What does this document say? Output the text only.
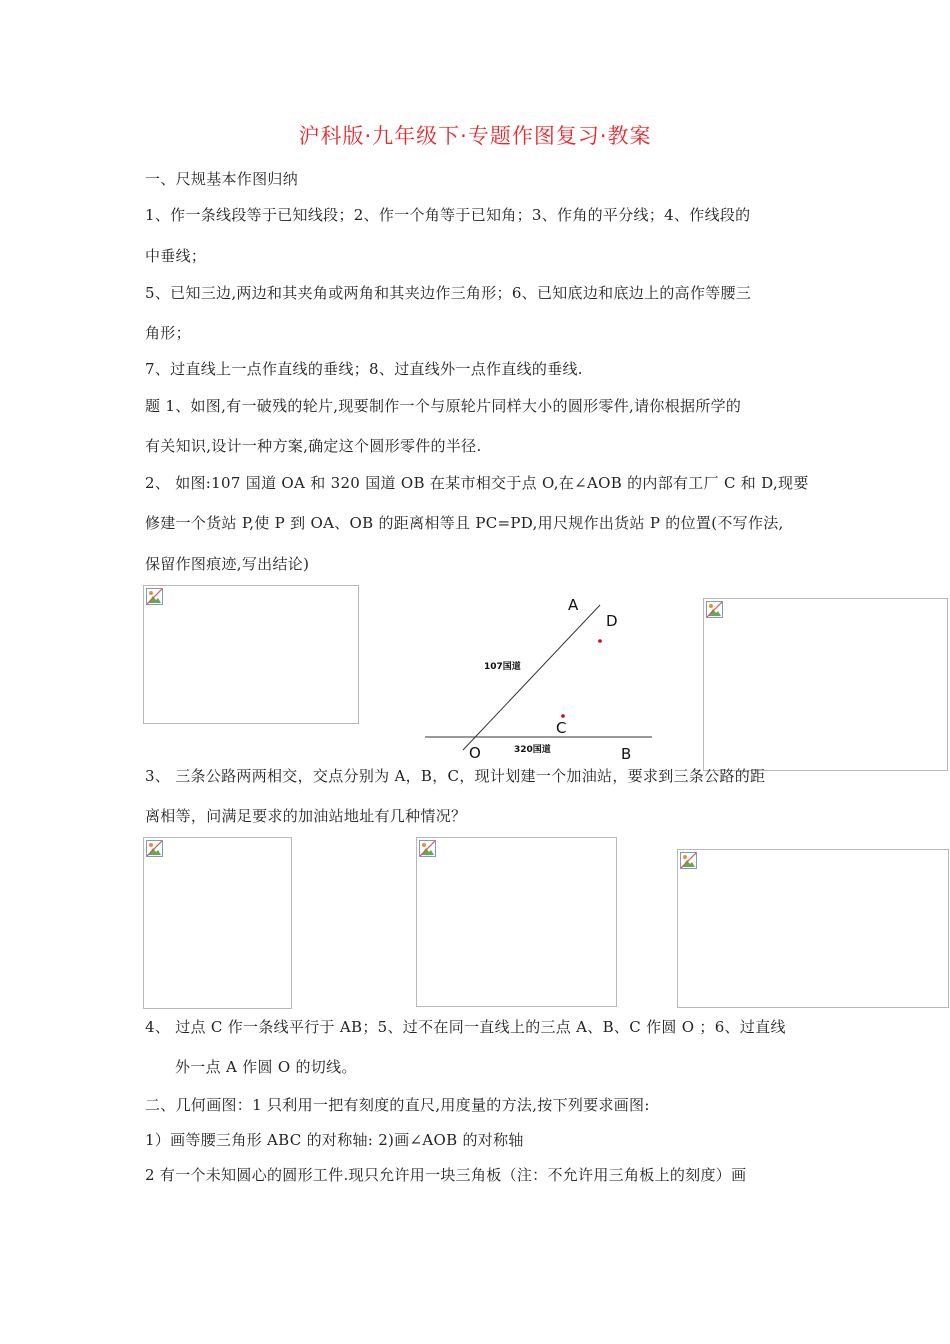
沪科版·九年级下·专题作图复习·教案
一、尺规基本作图归纳
1、作一条线段等于已知线段；2、作一个角等于已知角；3、作角的平分线；4、作线段的
中垂线；
5、已知三边,两边和其夹角或两角和其夹边作三角形；6、已知底边和底边上的高作等腰三
角形；
7、过直线上一点作直线的垂线；8、过直线外一点作直线的垂线.
题 1、如图,有一破残的轮片,现要制作一个与原轮片同样大小的圆形零件,请你根据所学的
有关知识,设计一种方案,确定这个圆形零件的半径.
2、 如图:107 国道 OA 和 320 国道 OB 在某市相交于点 O,在∠AOB 的内部有工厂 C 和 D,现要
修建一个货站 P,使 P 到 OA、OB 的距离相等且 PC=PD,用尺规作出货站 P 的位置(不写作法,
保留作图痕迹,写出结论)
A
D
C
O	B
107国道
320国道
3、 三条公路两两相交，交点分别为 A，B，C，现计划建一个加油站，要求到三条公路的距
离相等，问满足要求的加油站地址有几种情况？
4、 过点 C 作一条线平行于 AB；5、过不在同一直线上的三点 A、B、C 作圆 O ；6、过直线
外一点 A 作圆 O 的切线。
二、几何画图：1 只利用一把有刻度的直尺,用度量的方法,按下列要求画图:
1）画等腰三角形 ABC 的对称轴: 2)画∠AOB 的对称轴
2 有一个未知圆心的圆形工件.现只允许用一块三角板（注：不允许用三角板上的刻度）画
